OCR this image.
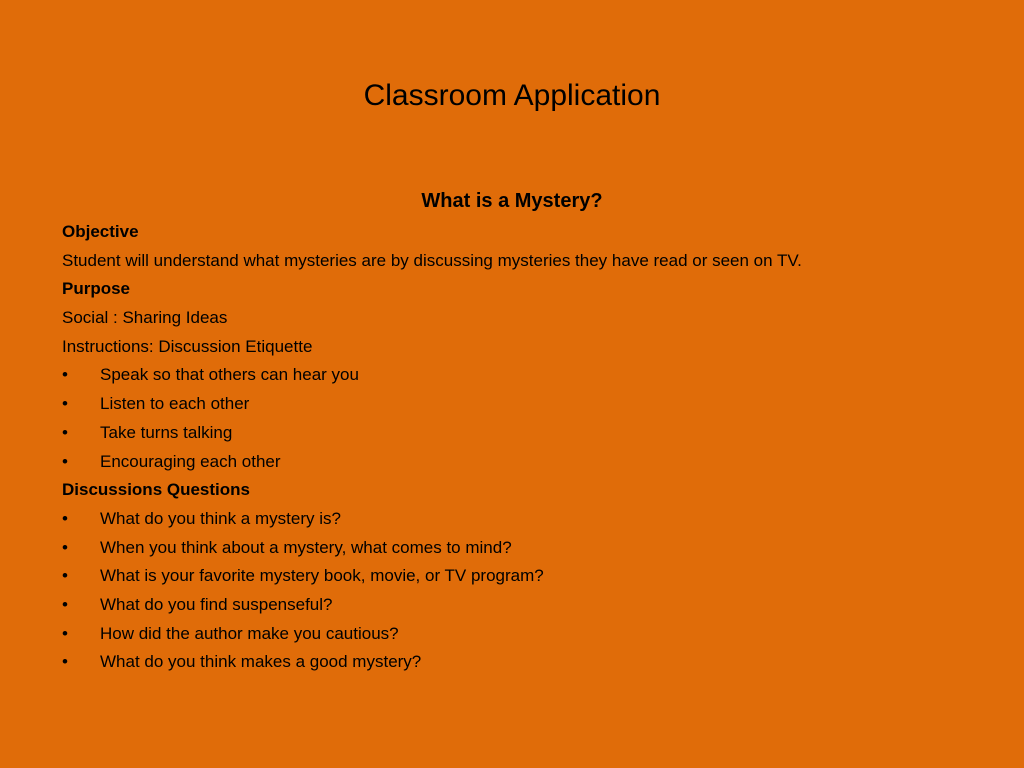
Classroom Application
What is a Mystery?
Objective
Student will understand what mysteries are by discussing mysteries they have read or seen on TV.
Purpose
Social : Sharing Ideas
Instructions: Discussion Etiquette
•	Speak so that others can hear you
•	Listen to each other
•	Take turns talking
•	Encouraging each other
Discussions Questions
•	What do you think a mystery is?
•	When you think about a mystery, what comes to mind?
•	What is your favorite mystery book, movie, or TV program?
•	What do you find suspenseful?
•	How did the author make you cautious?
•	What do you think makes a good mystery?
